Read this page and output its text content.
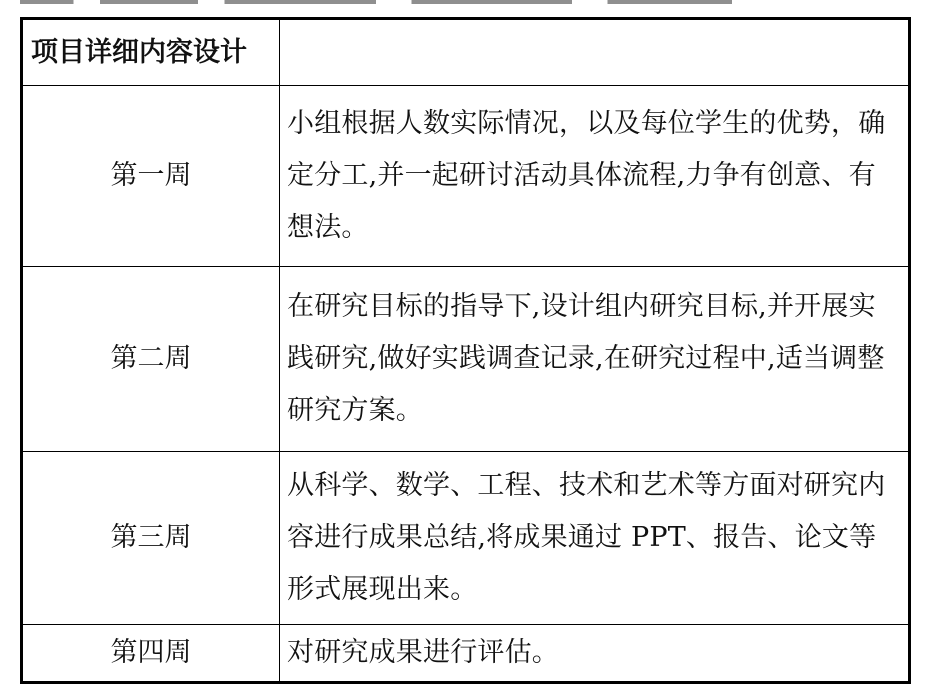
项目详细内容设计	
第一周	小组根据人数实际情况，以及每位学生的优势，确定分工,并一起研讨活动具体流程,力争有创意、有想法。
第二周	在研究目标的指导下,设计组内研究目标,并开展实践研究,做好实践调查记录,在研究过程中,适当调整研究方案。
第三周	从科学、数学、工程、技术和艺术等方面对研究内容进行成果总结,将成果通过 PPT、报告、论文等形式展现出来。
第四周	对研究成果进行评估。
